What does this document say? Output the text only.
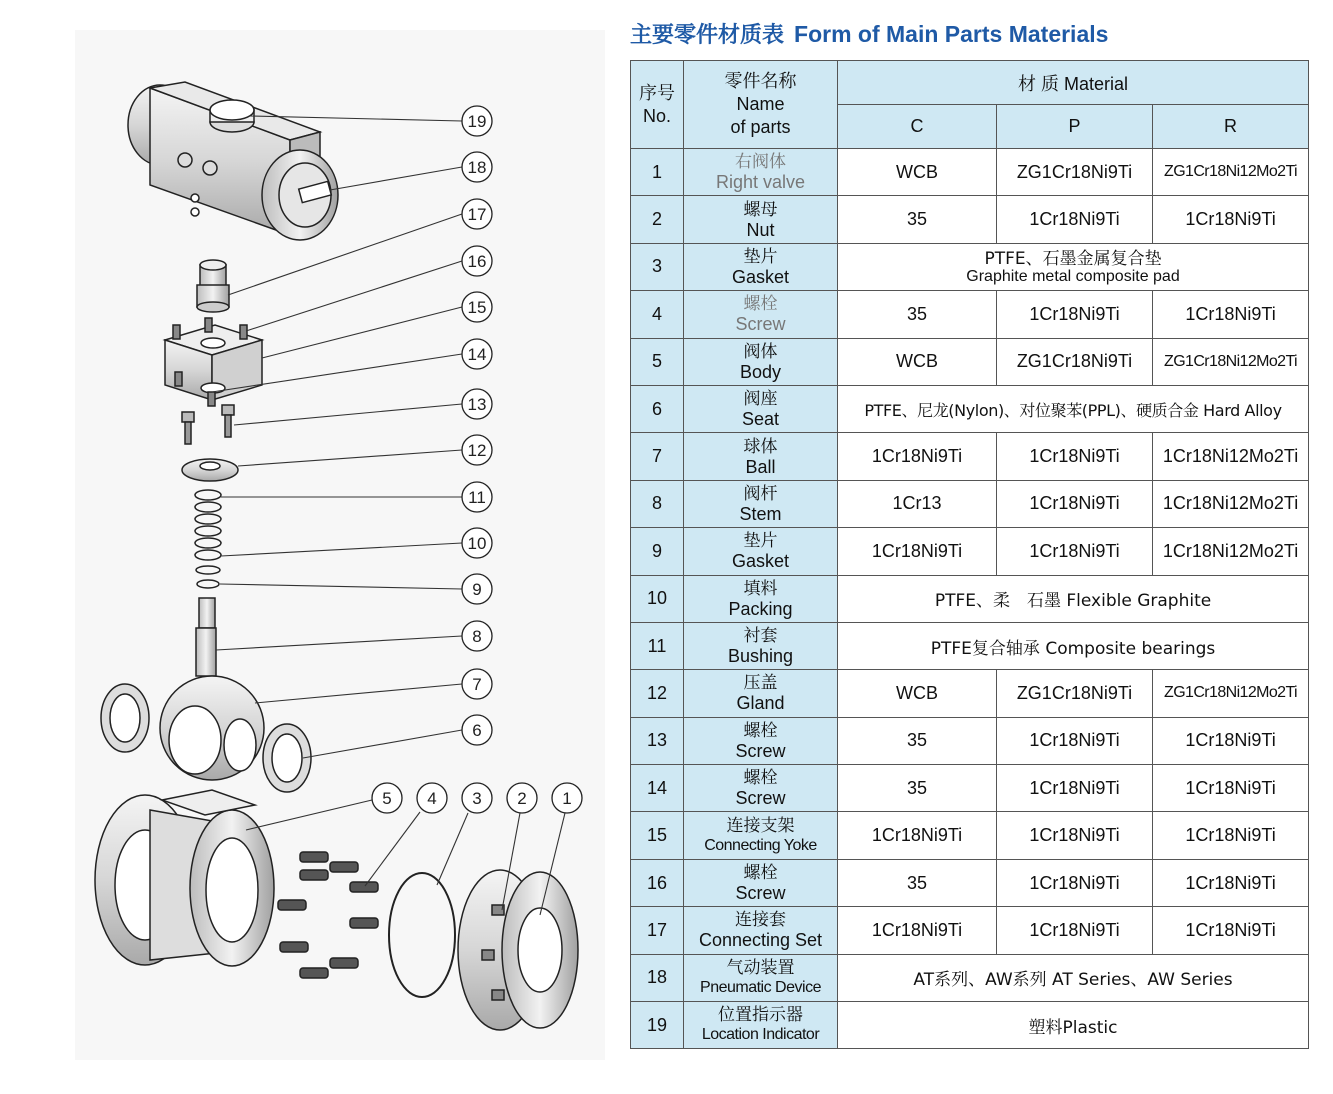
19
18
17
16
15
14
13
12
11
10
9
8
7
6
5 4 3 2 1
主要零件材质表 Form of Main Parts Materials
序号
No.	零件名称
Name
of parts	材 质 Material		
		C	P	R
1	右阀体
Right valve	WCB	ZG1Cr18Ni9Ti	ZG1Cr18Ni12Mo2Ti
2	螺母
Nut	35	1Cr18Ni9Ti	1Cr18Ni9Ti
3	垫片
Gasket	PTFE、石墨金属复合垫
Graphite metal composite pad		

4	螺栓
Screw	35	1Cr18Ni9Ti	1Cr18Ni9Ti
5	阀体
Body	WCB	ZG1Cr18Ni9Ti	ZG1Cr18Ni12Mo2Ti
6	阀座
Seat	PTFE、尼龙(Nylon)、对位聚苯(PPL)、硬质合金 Hard Alloy		
7	球体
Ball	1Cr18Ni9Ti	1Cr18Ni9Ti	1Cr18Ni12Mo2Ti
8	阀杆
Stem	1Cr13	1Cr18Ni9Ti	1Cr18Ni12Mo2Ti
9	垫片
Gasket	1Cr18Ni9Ti	1Cr18Ni9Ti	1Cr18Ni12Mo2Ti
10	填料
Packing	PTFE、柔　石墨 Flexible Graphite		
11	衬套
Bushing	PTFE复合轴承 Composite bearings		
12	压盖
Gland	WCB	ZG1Cr18Ni9Ti	ZG1Cr18Ni12Mo2Ti
13	螺栓
Screw	35	1Cr18Ni9Ti	1Cr18Ni9Ti
14	螺栓
Screw	35	1Cr18Ni9Ti	1Cr18Ni9Ti
15	连接支架
Connecting Yoke	1Cr18Ni9Ti	1Cr18Ni9Ti	1Cr18Ni9Ti
16	螺栓
Screw	35	1Cr18Ni9Ti	1Cr18Ni9Ti
17	连接套
Connecting Set	1Cr18Ni9Ti	1Cr18Ni9Ti	1Cr18Ni9Ti
18	气动装置
Pneumatic Device	AT系列、AW系列 AT Series、AW Series		
19	位置指示器
Location Indicator	塑料Plastic		
